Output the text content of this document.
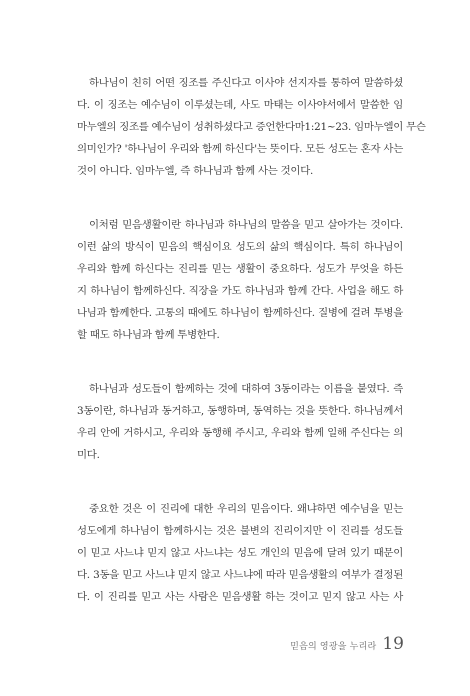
하나님이 친히 어떤 징조를 주신다고 이사야 선지자를 통하여 말씀하셨
다. 이 징조는 예수님이 이루셨는데, 사도 마태는 이사야서에서 말씀한 임
마누엘의 징조를 예수님이 성취하셨다고 증언한다마1:21~23. 임마누엘이 무슨
의미인가? '하나님이 우리와 함께 하신다'는 뜻이다. 모든 성도는 혼자 사는
것이 아니다. 임마누엘, 즉 하나님과 함께 사는 것이다.

이처럼 믿음생활이란 하나님과 하나님의 말씀을 믿고 살아가는 것이다.
이런 삶의 방식이 믿음의 핵심이요 성도의 삶의 핵심이다. 특히 하나님이
우리와 함께 하신다는 진리를 믿는 생활이 중요하다. 성도가 무엇을 하든
지 하나님이 함께하신다. 직장을 가도 하나님과 함께 간다. 사업을 해도 하
나님과 함께한다. 고통의 때에도 하나님이 함께하신다. 질병에 걸려 투병을
할 때도 하나님과 함께 투병한다.

하나님과 성도들이 함께하는 것에 대하여 3동이라는 이름을 붙였다. 즉
3동이란, 하나님과 동거하고, 동행하며, 동역하는 것을 뜻한다. 하나님께서
우리 안에 거하시고, 우리와 동행해 주시고, 우리와 함께 일해 주신다는 의
미다.

중요한 것은 이 진리에 대한 우리의 믿음이다. 왜냐하면 예수님을 믿는
성도에게 하나님이 함께하시는 것은 불변의 진리이지만 이 진리를 성도들
이 믿고 사느냐 믿지 않고 사느냐는 성도 개인의 믿음에 달려 있기 때문이
다. 3동을 믿고 사느냐 믿지 않고 사느냐에 따라 믿음생활의 여부가 결정된
다. 이 진리를 믿고 사는 사람은 믿음생활 하는 것이고 믿지 않고 사는 사

믿음의 영광을 누리라 19
